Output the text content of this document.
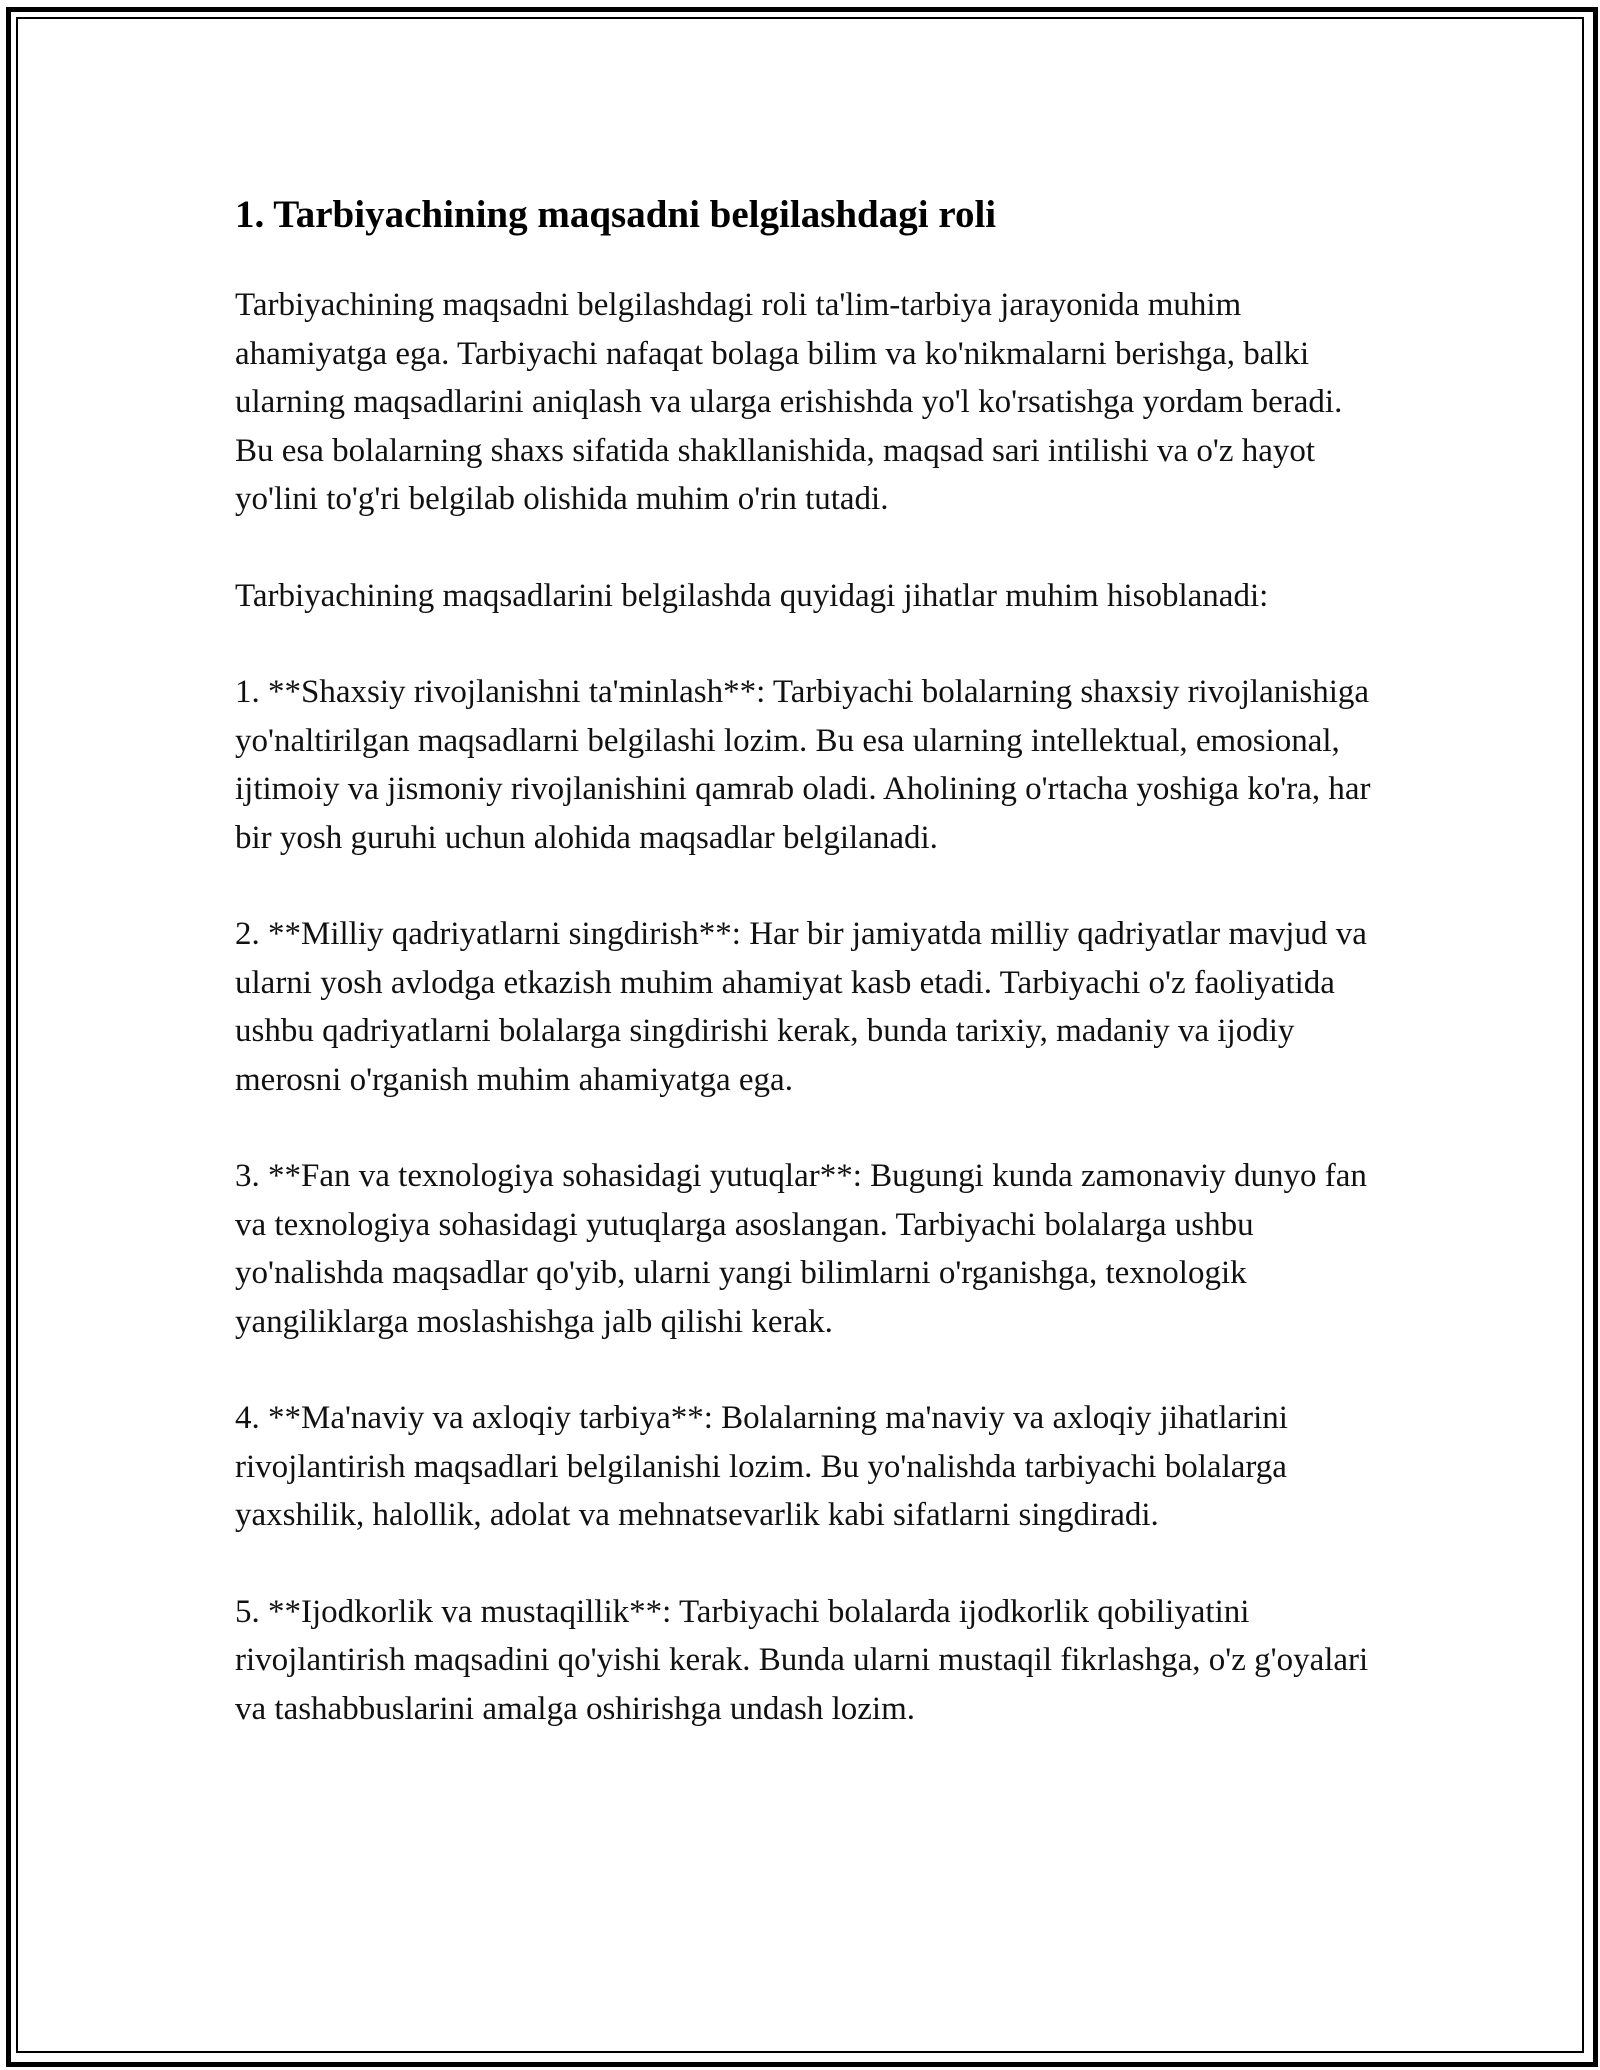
1. Tarbiyachining maqsadni belgilashdagi roli

Tarbiyachining maqsadni belgilashdagi roli ta'lim-tarbiya jarayonida muhim ahamiyatga ega. Tarbiyachi nafaqat bolaga bilim va ko'nikmalarni berishga, balki ularning maqsadlarini aniqlash va ularga erishishda yo'l ko'rsatishga yordam beradi. Bu esa bolalarning shaxs sifatida shakllanishida, maqsad sari intilishi va o'z hayot yo'lini to'g'ri belgilab olishida muhim o'rin tutadi.

Tarbiyachining maqsadlarini belgilashda quyidagi jihatlar muhim hisoblanadi:

1. **Shaxsiy rivojlanishni ta'minlash**: Tarbiyachi bolalarning shaxsiy rivojlanishiga yo'naltirilgan maqsadlarni belgilashi lozim. Bu esa ularning intellektual, emosional, ijtimoiy va jismoniy rivojlanishini qamrab oladi. Aholining o'rtacha yoshiga ko'ra, har bir yosh guruhi uchun alohida maqsadlar belgilanadi.

2. **Milliy qadriyatlarni singdirish**: Har bir jamiyatda milliy qadriyatlar mavjud va ularni yosh avlodga etkazish muhim ahamiyat kasb etadi. Tarbiyachi o'z faoliyatida ushbu qadriyatlarni bolalarga singdirishi kerak, bunda tarixiy, madaniy va ijodiy merosni o'rganish muhim ahamiyatga ega.

3. **Fan va texnologiya sohasidagi yutuqlar**: Bugungi kunda zamonaviy dunyo fan va texnologiya sohasidagi yutuqlarga asoslangan. Tarbiyachi bolalarga ushbu yo'nalishda maqsadlar qo'yib, ularni yangi bilimlarni o'rganishga, texnologik yangiliklarga moslashishga jalb qilishi kerak.

4. **Ma'naviy va axloqiy tarbiya**: Bolalarning ma'naviy va axloqiy jihatlarini rivojlantirish maqsadlari belgilanishi lozim. Bu yo'nalishda tarbiyachi bolalarga yaxshilik, halollik, adolat va mehnatsevarlik kabi sifatlarni singdiradi.

5. **Ijodkorlik va mustaqillik**: Tarbiyachi bolalarda ijodkorlik qobiliyatini rivojlantirish maqsadini qo'yishi kerak. Bunda ularni mustaqil fikrlashga, o'z g'oyalari va tashabbuslarini amalga oshirishga undash lozim.
